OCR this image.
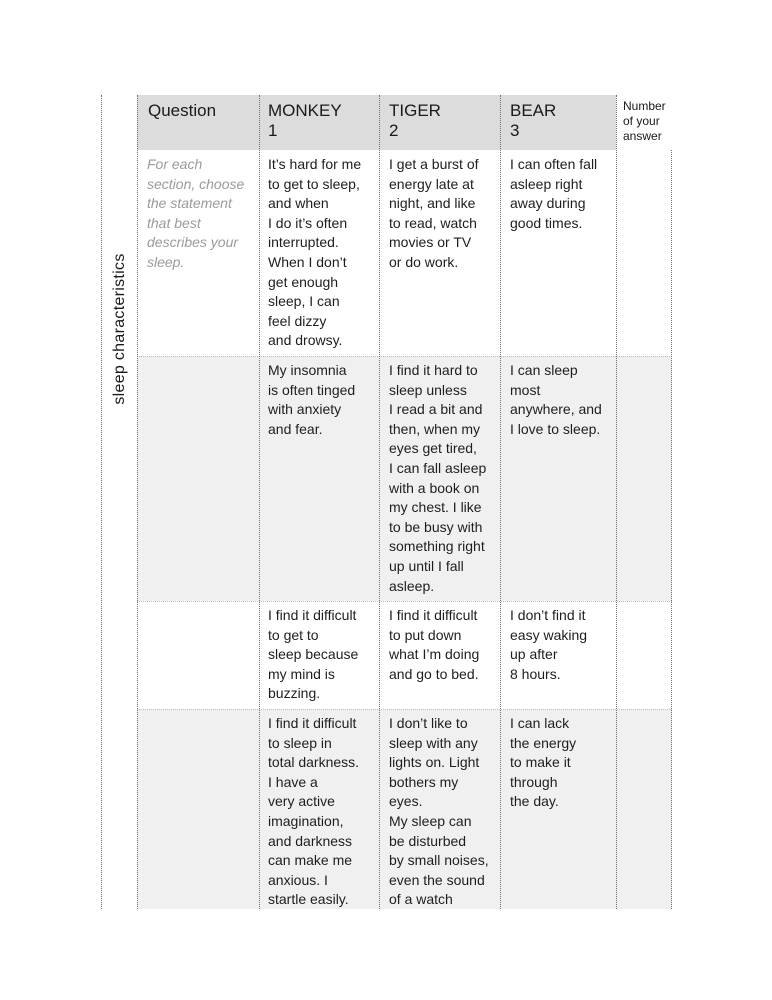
sleep characteristics
Question	MONKEY
1
TIGER
2
BEAR
3
Number
of your
answer
For each
section, choose
the statement
that best
describes your
sleep.
It’s hard for me
to get to sleep,
and when
I do it’s often
interrupted.
When I don’t
get enough
sleep, I can
feel dizzy
and drowsy.
I get a burst of
energy late at
night, and like
to read, watch
movies or TV
or do work.
I can often fall
asleep right
away during
good times.
My insomnia
is often tinged
with anxiety
and fear.
I find it hard to
sleep unless
I read a bit and
then, when my
eyes get tired,
I can fall asleep
with a book on
my chest. I like
to be busy with
something right
up until I fall
asleep.
I can sleep
most
anywhere, and
I love to sleep.
I find it difficult
to get to
sleep because
my mind is
buzzing.
I find it difficult
to put down
what I’m doing
and go to bed.
I don’t find it
easy waking
up after
8 hours.
I find it difficult
to sleep in
total darkness.
I have a
very active
imagination,
and darkness
can make me
anxious. I
startle easily.
I don’t like to
sleep with any
lights on. Light
bothers my
eyes.
My sleep can
be disturbed
by small noises,
even the sound
of a watch
I can lack
the energy
to make it
through
the day.
